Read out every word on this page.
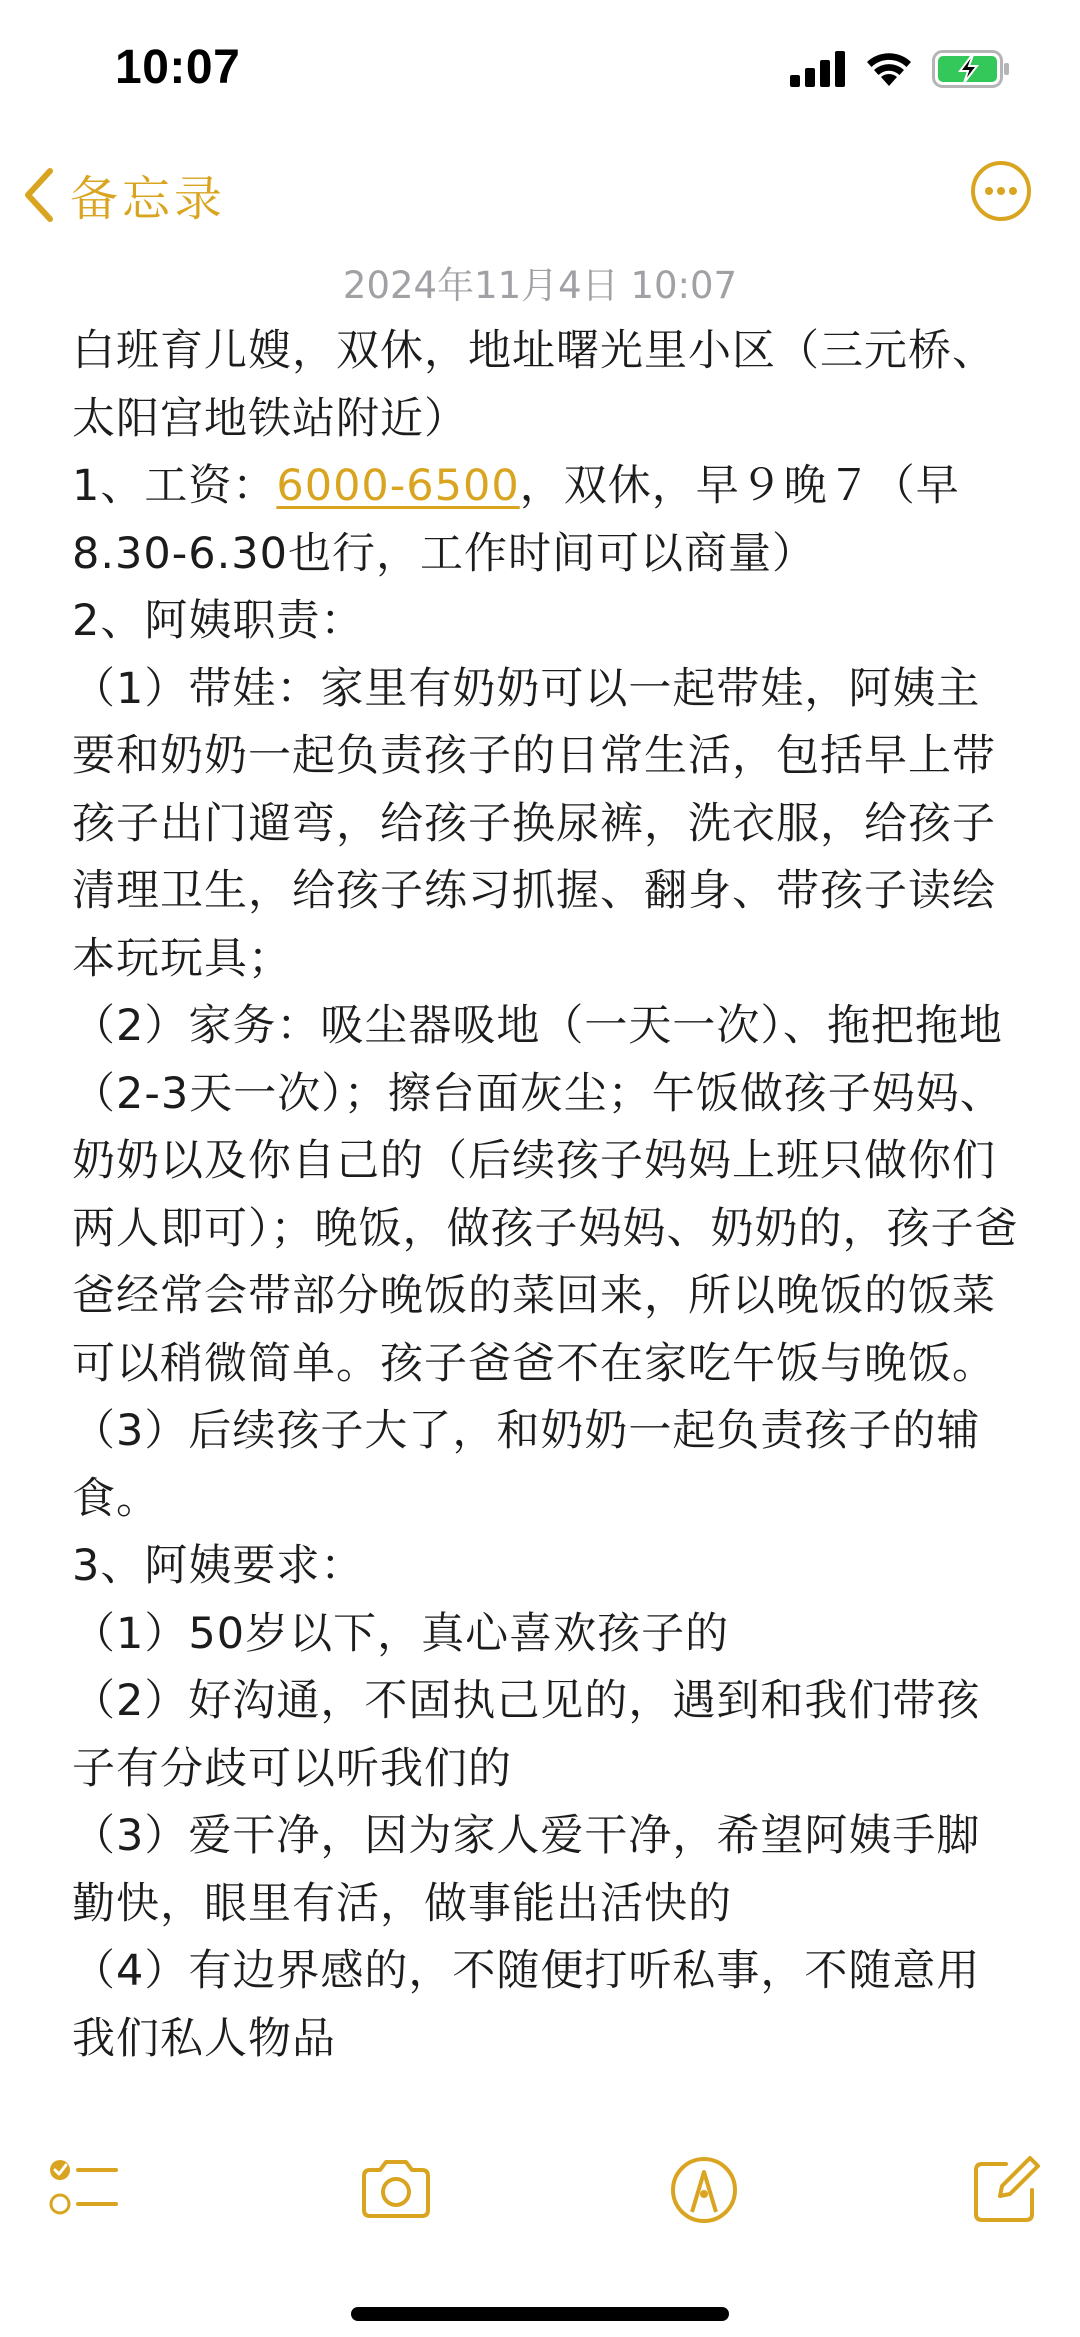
10:07
备忘录
2024年11月4日 10:07

白班育儿嫂，双休，地址曙光里小区（三元桥、太阳宫地铁站附近）

1、工资：6000-6500，双休，早９晚７（早8.30-6.30也行，工作时间可以商量）

2、阿姨职责：

（1）带娃：家里有奶奶可以一起带娃，阿姨主要和奶奶一起负责孩子的日常生活，包括早上带孩子出门遛弯，给孩子换尿裤，洗衣服，给孩子清理卫生，给孩子练习抓握、翻身、带孩子读绘本玩玩具；

（2）家务：吸尘器吸地（一天一次）、拖把拖地（2-3天一次）；擦台面灰尘；午饭做孩子妈妈、奶奶以及你自己的（后续孩子妈妈上班只做你们两人即可）；晚饭，做孩子妈妈、奶奶的，孩子爸爸经常会带部分晚饭的菜回来，所以晚饭的饭菜可以稍微简单。孩子爸爸不在家吃午饭与晚饭。

（3）后续孩子大了，和奶奶一起负责孩子的辅食。

3、阿姨要求：

（1）50岁以下，真心喜欢孩子的

（2）好沟通，不固执己见的，遇到和我们带孩子有分歧可以听我们的

（3）爱干净，因为家人爱干净，希望阿姨手脚勤快，眼里有活，做事能出活快的

（4）有边界感的，不随便打听私事，不随意用我们私人物品
